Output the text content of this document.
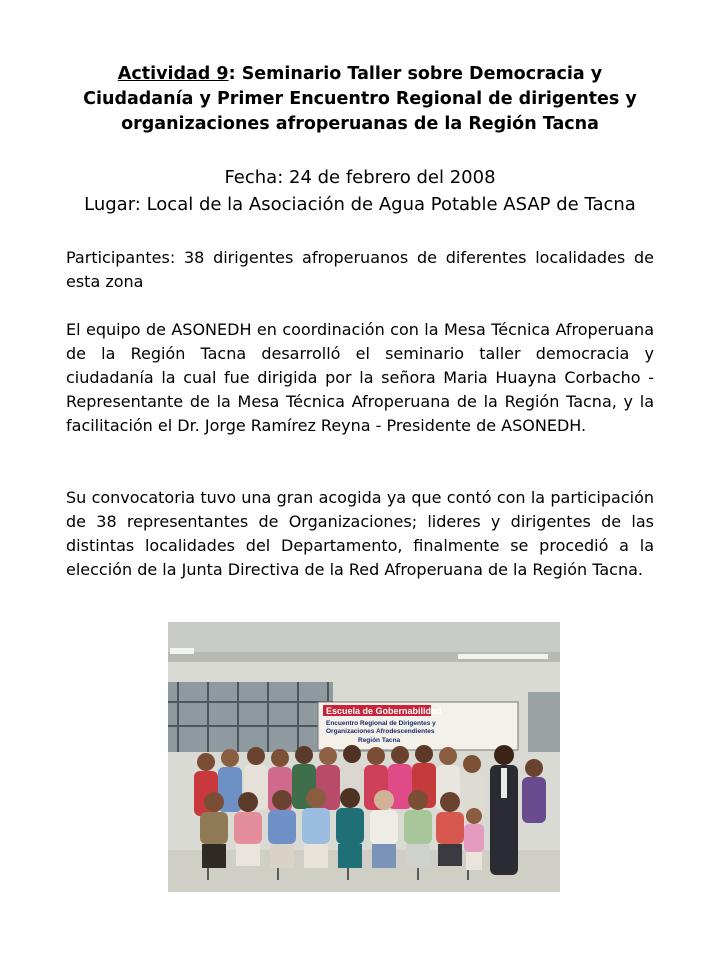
Actividad 9: Seminario Taller sobre Democracia y
Ciudadanía y Primer Encuentro Regional de dirigentes y
organizaciones afroperuanas de la Región Tacna
Fecha: 24 de febrero del 2008
Lugar: Local de la Asociación de Agua Potable ASAP de Tacna

Participantes: 38 dirigentes afroperuanos de diferentes localidades de esta zona

El equipo de ASONEDH en coordinación con la Mesa Técnica Afroperuana de la Región Tacna desarrolló el seminario taller democracia y ciudadanía la cual fue dirigida por la señora Maria Huayna Corbacho - Representante de la Mesa Técnica Afroperuana de la Región Tacna, y la facilitación el Dr. Jorge Ramírez Reyna - Presidente de ASONEDH.

Su convocatoria tuvo una gran acogida ya que contó con la participación de 38 representantes de Organizaciones; lideres y dirigentes de las distintas localidades del Departamento, finalmente se procedió a la elección de la Junta Directiva de la Red Afroperuana de la Región Tacna.

Escuela de Gobernabilidad
Encuentro Regional de Dirigentes y
Organizaciones Afrodescendientes
Región Tacna
